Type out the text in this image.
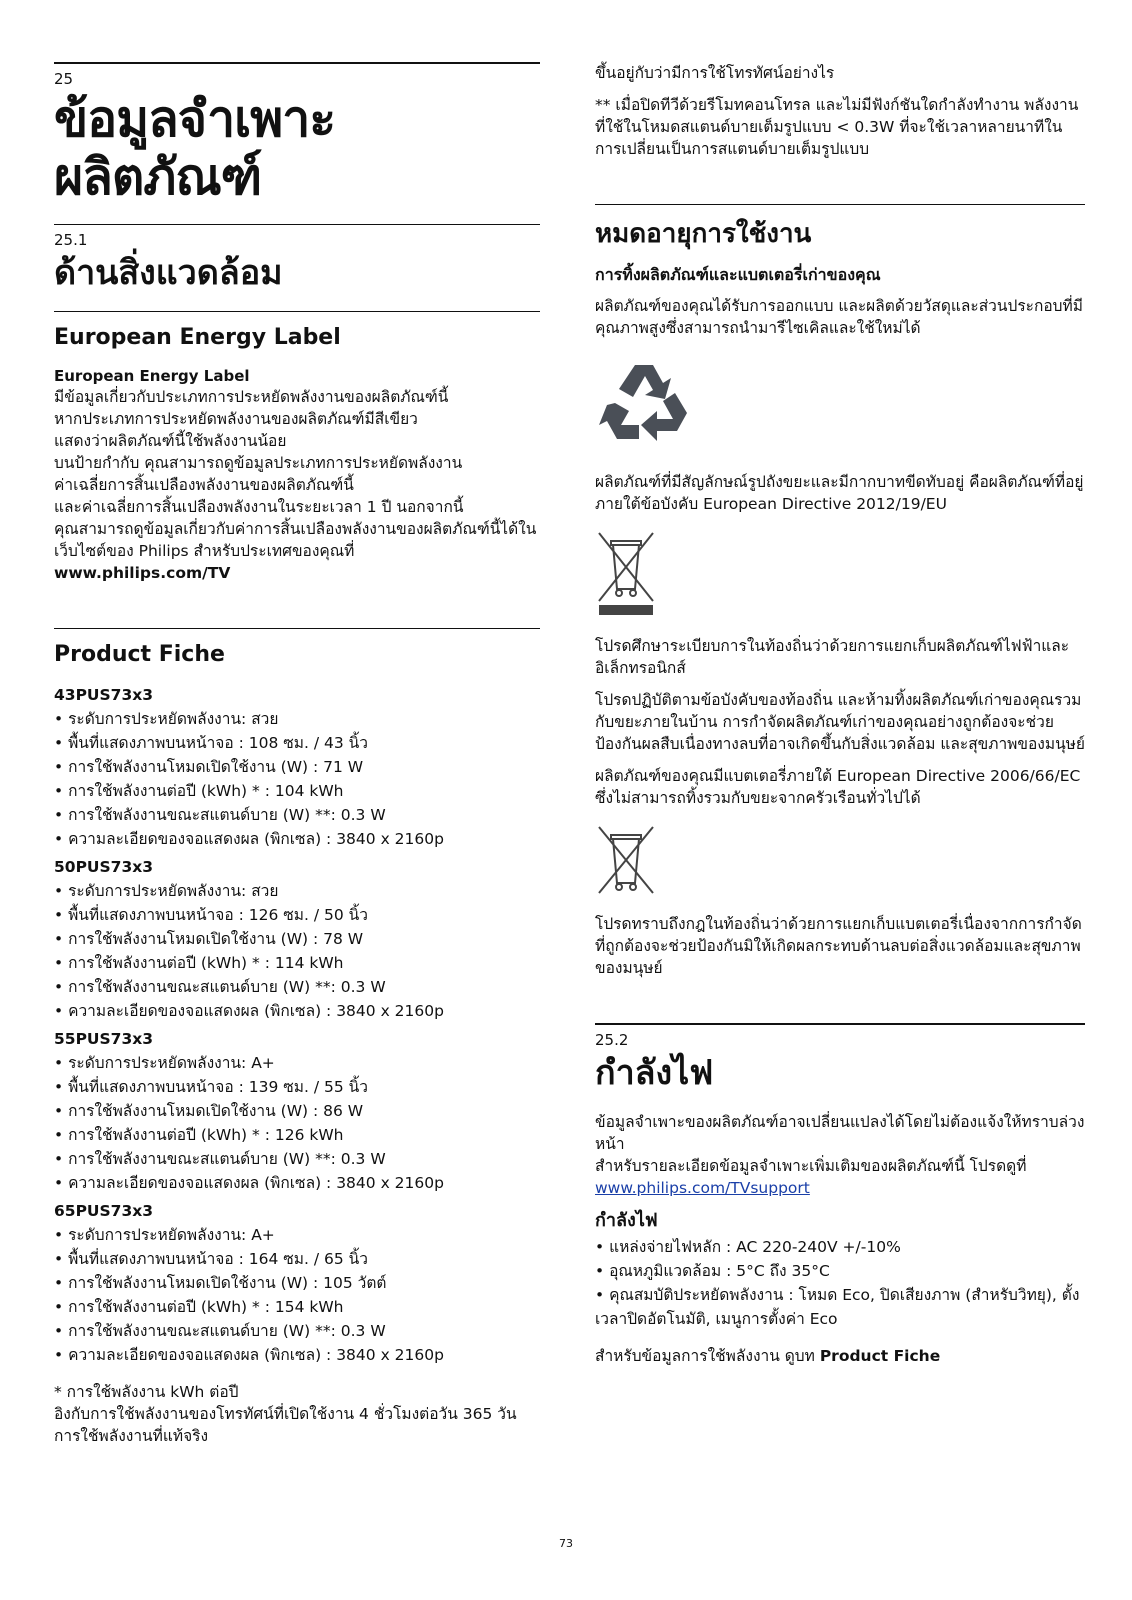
25
ข้อมูลจำเพาะผลิตภัณฑ์
25.1
ด้านสิ่งแวดล้อม
European Energy Label
European Energy Label

มีข้อมูลเกี่ยวกับประเภทการประหยัดพลังงานของผลิตภัณฑ์นี้

หากประเภทการประหยัดพลังงานของผลิตภัณฑ์มีสีเขียว

แสดงว่าผลิตภัณฑ์นี้ใช้พลังงานน้อย

บนป้ายกำกับ คุณสามารถดูข้อมูลประเภทการประหยัดพลังงาน

ค่าเฉลี่ยการสิ้นเปลืองพลังงานของผลิตภัณฑ์นี้

และค่าเฉลี่ยการสิ้นเปลืองพลังงานในระยะเวลา 1 ปี นอกจากนี้

คุณสามารถดูข้อมูลเกี่ยวกับค่าการสิ้นเปลืองพลังงานของผลิตภัณฑ์นี้ได้ในเว็บไซต์ของ Philips สำหรับประเทศของคุณที่

www.philips.com/TV

Product Fiche
43PUS73x3
• ระดับการประหยัดพลังงาน: สวย
• พื้นที่แสดงภาพบนหน้าจอ : 108 ซม. / 43 นิ้ว
• การใช้พลังงานโหมดเปิดใช้งาน (W) : 71 W
• การใช้พลังงานต่อปี (kWh) * : 104 kWh
• การใช้พลังงานขณะสแตนด์บาย (W) **: 0.3 W
• ความละเอียดของจอแสดงผล (พิกเซล) : 3840 x 2160p
50PUS73x3
• ระดับการประหยัดพลังงาน: สวย
• พื้นที่แสดงภาพบนหน้าจอ : 126 ซม. / 50 นิ้ว
• การใช้พลังงานโหมดเปิดใช้งาน (W) : 78 W
• การใช้พลังงานต่อปี (kWh) * : 114 kWh
• การใช้พลังงานขณะสแตนด์บาย (W) **: 0.3 W
• ความละเอียดของจอแสดงผล (พิกเซล) : 3840 x 2160p
55PUS73x3
• ระดับการประหยัดพลังงาน: A+
• พื้นที่แสดงภาพบนหน้าจอ : 139 ซม. / 55 นิ้ว
• การใช้พลังงานโหมดเปิดใช้งาน (W) : 86 W
• การใช้พลังงานต่อปี (kWh) * : 126 kWh
• การใช้พลังงานขณะสแตนด์บาย (W) **: 0.3 W
• ความละเอียดของจอแสดงผล (พิกเซล) : 3840 x 2160p
65PUS73x3
• ระดับการประหยัดพลังงาน: A+
• พื้นที่แสดงภาพบนหน้าจอ : 164 ซม. / 65 นิ้ว
• การใช้พลังงานโหมดเปิดใช้งาน (W) : 105 วัตต์
• การใช้พลังงานต่อปี (kWh) * : 154 kWh
• การใช้พลังงานขณะสแตนด์บาย (W) **: 0.3 W
• ความละเอียดของจอแสดงผล (พิกเซล) : 3840 x 2160p

* การใช้พลังงาน kWh ต่อปี

อิงกับการใช้พลังงานของโทรทัศน์ที่เปิดใช้งาน 4 ชั่วโมงต่อวัน 365 วัน การใช้พลังงานที่แท้จริง

ขึ้นอยู่กับว่ามีการใช้โทรทัศน์อย่างไร

** เมื่อปิดทีวีด้วยรีโมทคอนโทรล และไม่มีฟังก์ชันใดกำลังทำงาน พลังงานที่ใช้ในโหมดสแตนด์บายเต็มรูปแบบ < 0.3W ที่จะใช้เวลาหลายนาทีในการเปลี่ยนเป็นการสแตนด์บายเต็มรูปแบบ

หมดอายุการใช้งาน
การทิ้งผลิตภัณฑ์และแบตเตอรี่เก่าของคุณ

ผลิตภัณฑ์ของคุณได้รับการออกแบบ และผลิตด้วยวัสดุและส่วนประกอบที่มีคุณภาพสูงซึ่งสามารถนำมารีไซเคิลและใช้ใหม่ได้

ผลิตภัณฑ์ที่มีสัญลักษณ์รูปถังขยะและมีกากบาทขีดทับอยู่ คือผลิตภัณฑ์ที่อยู่ภายใต้ข้อบังคับ European Directive 2012/19/EU

โปรดศึกษาระเบียบการในท้องถิ่นว่าด้วยการแยกเก็บผลิตภัณฑ์ไฟฟ้าและอิเล็กทรอนิกส์

โปรดปฏิบัติตามข้อบังคับของท้องถิ่น และห้ามทิ้งผลิตภัณฑ์เก่าของคุณรวมกับขยะภายในบ้าน การกำจัดผลิตภัณฑ์เก่าของคุณอย่างถูกต้องจะช่วยป้องกันผลสืบเนื่องทางลบที่อาจเกิดขึ้นกับสิ่งแวดล้อม และสุขภาพของมนุษย์

ผลิตภัณฑ์ของคุณมีแบตเตอรี่ภายใต้ European Directive 2006/66/EC ซึ่งไม่สามารถทิ้งรวมกับขยะจากครัวเรือนทั่วไปได้

โปรดทราบถึงกฎในท้องถิ่นว่าด้วยการแยกเก็บแบตเตอรี่เนื่องจากการกำจัดที่ถูกต้องจะช่วยป้องกันมิให้เกิดผลกระทบด้านลบต่อสิ่งแวดล้อมและสุขภาพของมนุษย์

25.2
กำลังไฟ

ข้อมูลจำเพาะของผลิตภัณฑ์อาจเปลี่ยนแปลงได้โดยไม่ต้องแจ้งให้ทราบล่วงหน้า

สำหรับรายละเอียดข้อมูลจำเพาะเพิ่มเติมของผลิตภัณฑ์นี้ โปรดดูที่ www.philips.com/TVsupport

กำลังไฟ
• แหล่งจ่ายไฟหลัก : AC 220-240V +/-10%
• อุณหภูมิแวดล้อม : 5°C ถึง 35°C
• คุณสมบัติประหยัดพลังงาน : โหมด Eco, ปิดเสียงภาพ (สำหรับวิทยุ), ตั้งเวลาปิดอัตโนมัติ, เมนูการตั้งค่า Eco

สำหรับข้อมูลการใช้พลังงาน ดูบท Product Fiche

73
